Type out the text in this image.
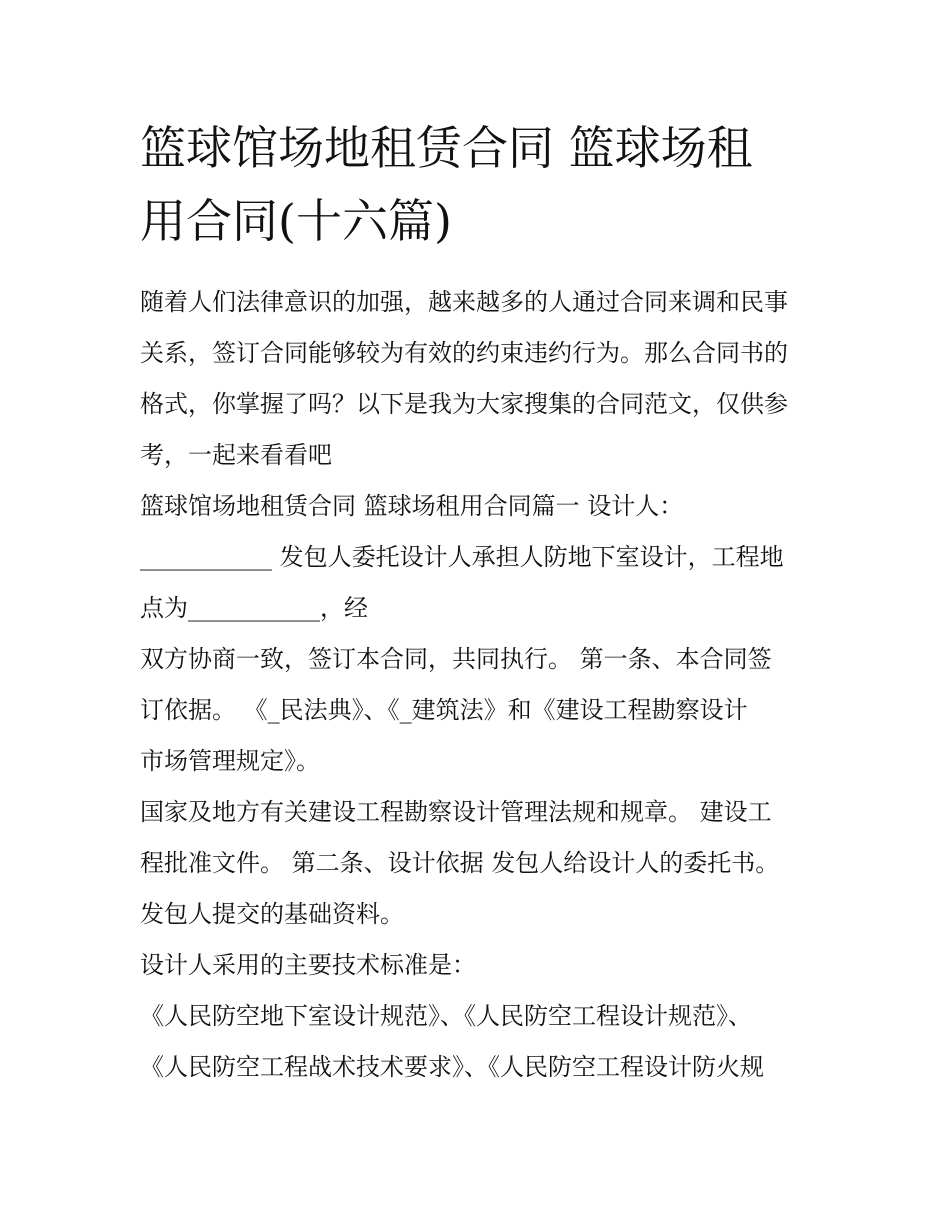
篮球馆场地租赁合同 篮球场租
用合同(十六篇)
随着人们法律意识的加强，越来越多的人通过合同来调和民事
关系，签订合同能够较为有效的约束违约行为。那么合同书的
格式，你掌握了吗？以下是我为大家搜集的合同范文，仅供参
考，一起来看看吧
篮球馆场地租赁合同 篮球场租用合同篇一 设计人：
___________ 发包人委托设计人承担人防地下室设计，工程地
点为___________，经
双方协商一致，签订本合同，共同执行。 第一条、本合同签
订依据。 《_民法典》、《_建筑法》和《建设工程勘察设计
市场管理规定》。
国家及地方有关建设工程勘察设计管理法规和规章。 建设工
程批准文件。 第二条、设计依据 发包人给设计人的委托书。
发包人提交的基础资料。
设计人采用的主要技术标准是：
《人民防空地下室设计规范》、《人民防空工程设计规范》、
《人民防空工程战术技术要求》、《人民防空工程设计防火规
